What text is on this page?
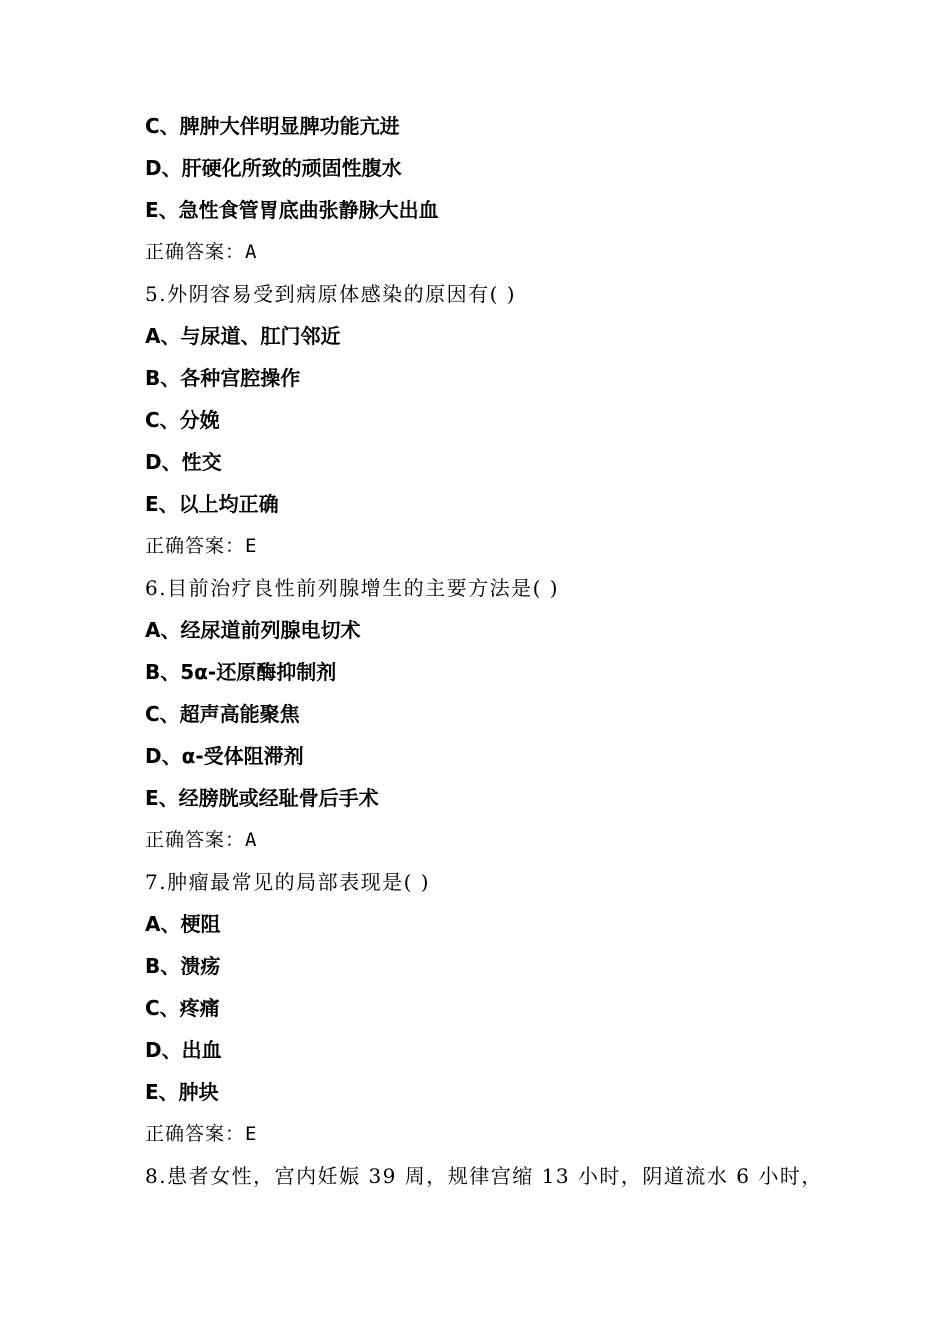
C、脾肿大伴明显脾功能亢进
D、肝硬化所致的顽固性腹水
E、急性食管胃底曲张静脉大出血
正确答案：A
5.外阴容易受到病原体感染的原因有( )
A、与尿道、肛门邻近
B、各种宫腔操作
C、分娩
D、性交
E、以上均正确
正确答案：E
6.目前治疗良性前列腺增生的主要方法是( )
A、经尿道前列腺电切术
B、5α-还原酶抑制剂
C、超声高能聚焦
D、α-受体阻滞剂
E、经膀胱或经耻骨后手术
正确答案：A
7.肿瘤最常见的局部表现是( )
A、梗阻
B、溃疡
C、疼痛
D、出血
E、肿块
正确答案：E
8.患者女性，宫内妊娠 39 周，规律宫缩 13 小时，阴道流水 6 小时，
